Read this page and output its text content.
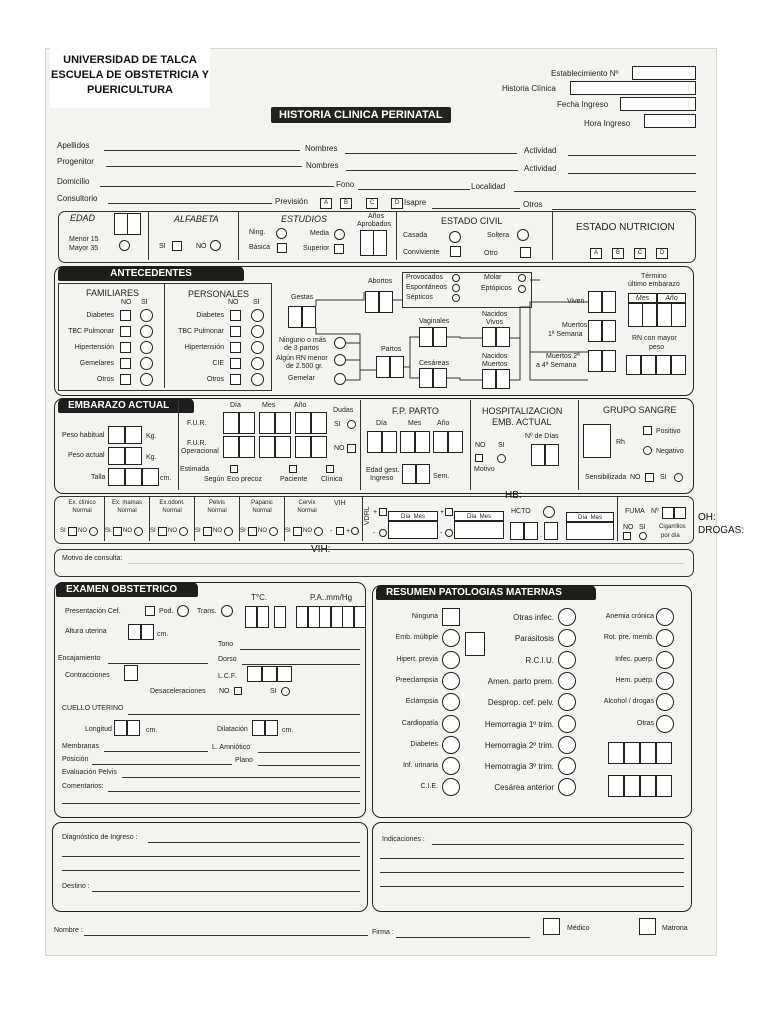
UNIVERSIDAD DE TALCA
ESCUELA DE OBSTETRICIA Y
PUERICULTURA
HISTORIA CLINICA PERINATAL
Establecimiento Nº
Historia Clínica
Fecha Ingreso
Hora Ingreso
Apellidos	Nombres	Actividad
Progenitor	Nombres	Actividad
Domicilio	Fono	Localidad
Consultorio	Previsión	A	B	C	D Isapre	Otros
EDAD
Menor 15
Mayor 35
ALFABETA
SI	NO
ESTUDIOS	Años
Aprobados
Ning.	Media
Básica	Superior
ESTADO CIVIL
Casada	Soltera
Conviviente	Otro
ESTADO NUTRICION
A	B	C	D
ANTECEDENTES
FAMILIARES	PERSONALES
NO SI	NO SI
Gestas
Abortos
Provocados
Espontáneos
Sépticos
Molar
Eptópicos
Ninguno o más
de 3 partos
Algún RN menor
de 2.500 gr.
Gemelar
Partos
Vaginales
Cesáreas
Nacidos
Vivos
Nacidos
Muertos
Viven
Muertos
1ª Semana
Muertos 2ª
a 4ª Semana
Término
último embarazo
Mes	Año
RN con mayor
peso
EMBARAZO ACTUAL
Peso habitual	Kg.
Peso actual	Kg.
Talla	cm.
Día	Mes	Año
F.U.R.
F.U.R.
Operacional
Dudas
SI
NO
Estimada
Según Eco precoz	Paciente Clínica
F.P. PARTO
Día	Mes Año
Edad gest.
Ingreso	Sem.
HOSPITALIZACION
EMB. ACTUAL
NO SI
Nº de Días
Motivo
GRUPO SANGRE
Rh
Positivo
Negativo
Sensibilizada NO	SI
VIH
- +
VDRL +
-
Día Mes
+
-
Día Mes
HCTO
.
Día Mes
FUMA Nº
NO SI Cigarrillos
por día
HB:
OH:
DROGAS:
VIH:
Motivo de consulta:
EXAMEN OBSTETRICO
Presentación Cef.	Pod.	Trans.
T°C.	P.A..mm/Hg
Altura uterina	cm.
Tono
Encajamiento	Dorso
Contracciones	L.C.F.
Desaceleraciones NO	SI
CUELLO UTERINO
Longitud	cm.	Dilatación	cm.
Membranas	L. Amniótico
Posición	Plano
Evaluación Pelvis
Comentarios:
RESUMEN PATOLOGIAS MATERNAS
Diagnóstico de Ingreso :
Destino :
Indicaciones :
Nombre :	Firma :
Médico	Matrona
Diabetes
TBC Pulmonar
Hipertensión
Gemelares
Otros
Diabetes
TBC Pulmonar
Hipertensión
CIE
Otros
Ex. clínico
Normal
SI NO
Ex. mamas
Normal
SI NO
Ex.odont.
Normal
SI NO
Pelvis
Normal
SI NO
Papanic
Normal
SI NO
Cervix
Normal
SI NO
Ninguna
Emb. múltiple
Hipert. previa
Preeclampsia
Eclampsia
Cardiopatía
Diabetes
Inf. urinaria
C.I.E.
Otras infec.
Parasitosis
R.C.I.U.
Amen. parto prem.
Desprop. cef. pelv.
Hemorragia 1º trim.
Hemorragia 2º trim.
Hemorragia 3º trim.
Cesárea anterior
Anemia crónica
Rot. pre. memb.
Infec. puerp.
Hem. puerp.
Alcohol / drogas
Otras
